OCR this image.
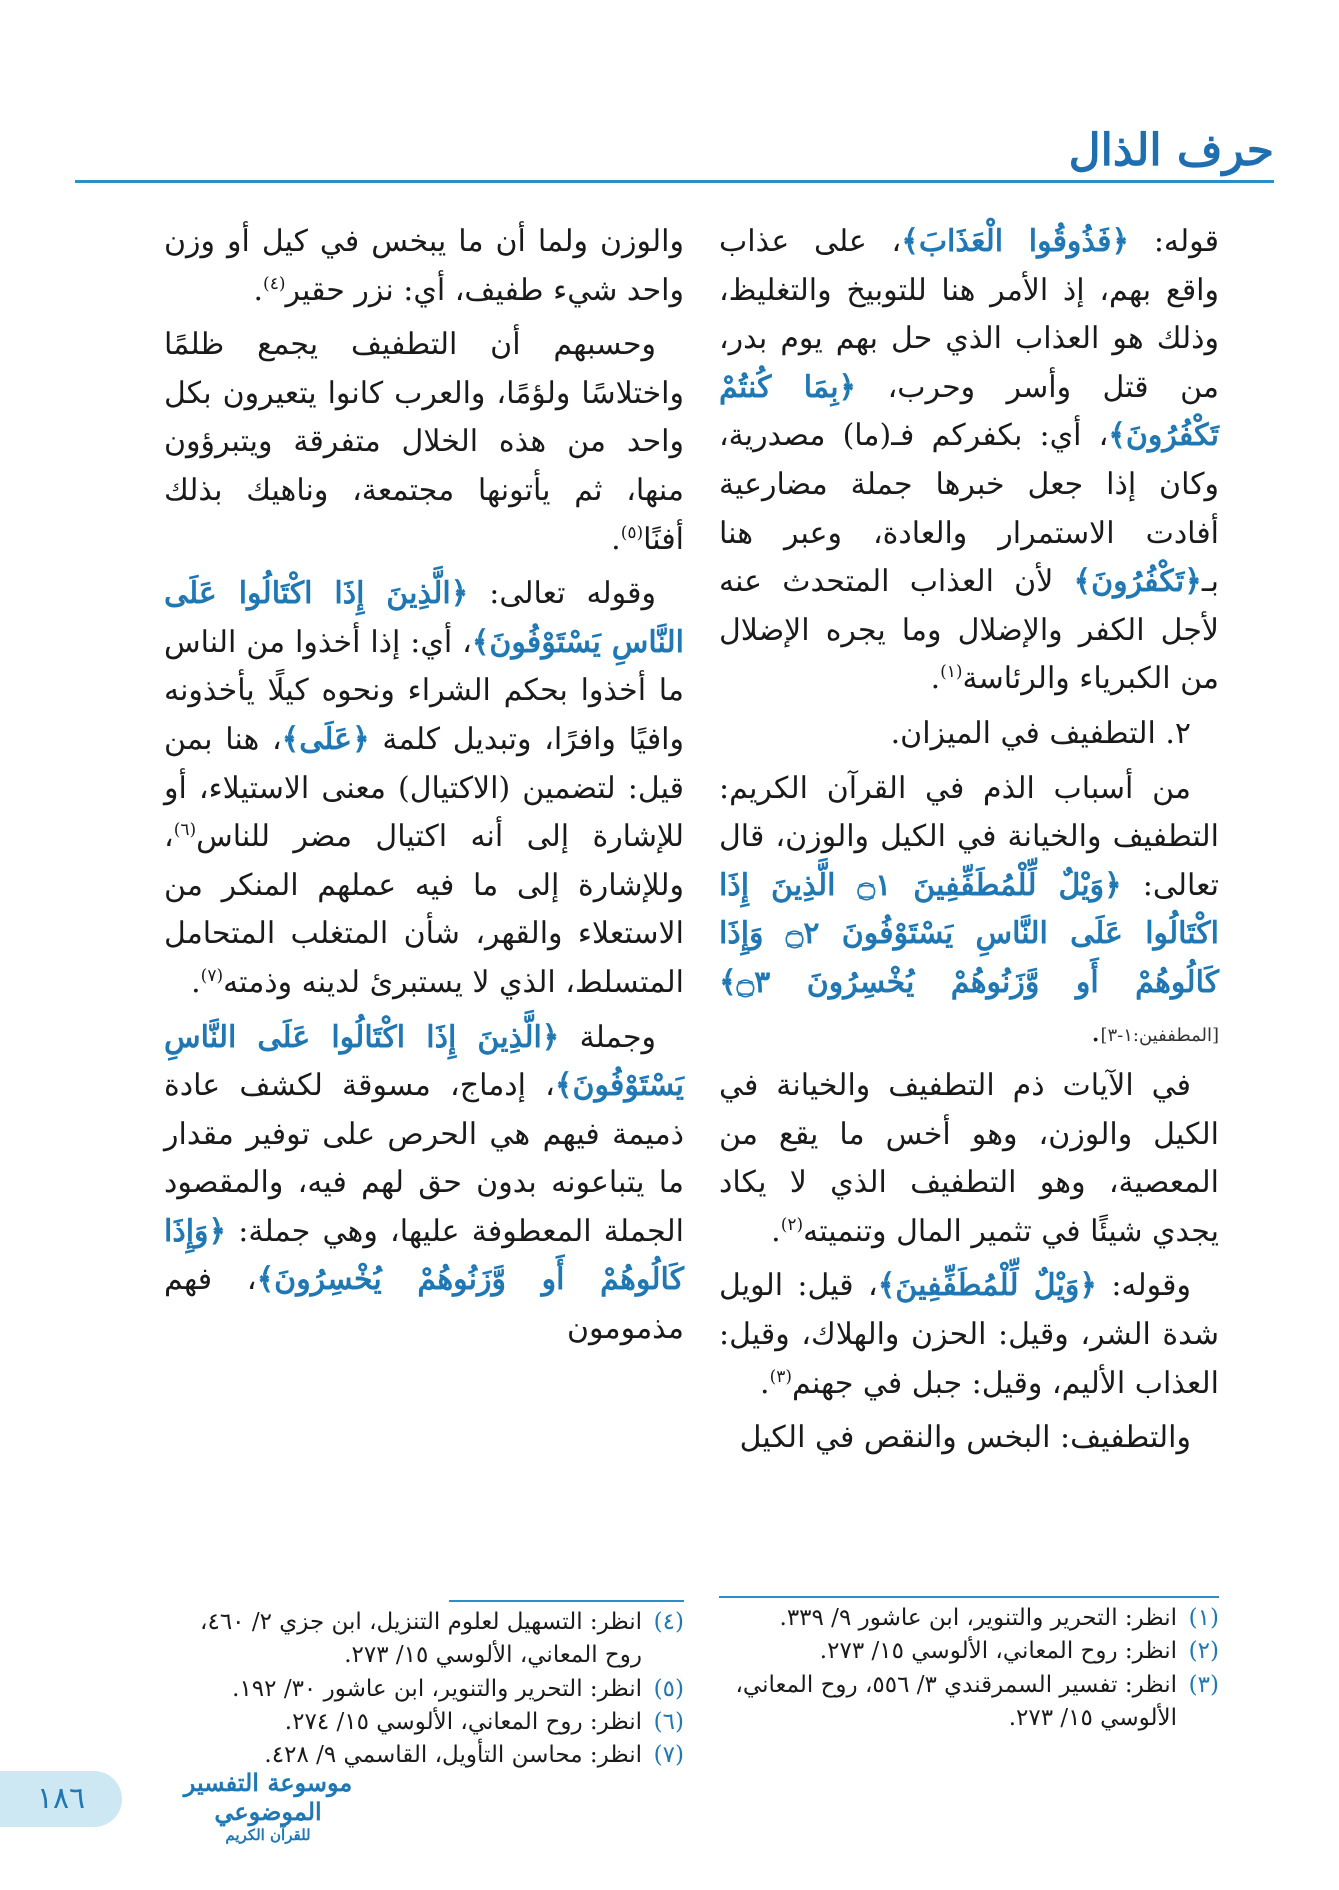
حرف الذال

قوله: ﴿فَذُوقُوا الْعَذَابَ﴾، على عذاب واقع بهم، إذ الأمر هنا للتوبيخ والتغليظ، وذلك هو العذاب الذي حل بهم يوم بدر، من قتل وأسر وحرب، ﴿بِمَا كُنتُمْ تَكْفُرُونَ﴾، أي: بكفركم فـ(ما) مصدرية، وكان إذا جعل خبرها جملة مضارعية أفادت الاستمرار والعادة، وعبر هنا بـ﴿تَكْفُرُونَ﴾ لأن العذاب المتحدث عنه لأجل الكفر والإضلال وما يجره الإضلال من الكبرياء والرئاسة$^{(١)}$.

٢. التطفيف في الميزان.

من أسباب الذم في القرآن الكريم: التطفيف والخيانة في الكيل والوزن، قال تعالى: ﴿وَيْلٌ لِّلْمُطَفِّفِينَ ۝١ الَّذِينَ إِذَا اكْتَالُوا عَلَى النَّاسِ يَسْتَوْفُونَ ۝٢ وَإِذَا كَالُوهُمْ أَو وَّزَنُوهُمْ يُخْسِرُونَ ۝٣﴾[المطففين:١-٣].

في الآيات ذم التطفيف والخيانة في الكيل والوزن، وهو أخس ما يقع من المعصية، وهو التطفيف الذي لا يكاد يجدي شيئًا في تثمير المال وتنميته$^{(٢)}$.

وقوله: ﴿وَيْلٌ لِّلْمُطَفِّفِينَ﴾، قيل: الويل شدة الشر، وقيل: الحزن والهلاك، وقيل: العذاب الأليم، وقيل: جبل في جهنم$^{(٣)}$.

والتطفيف: البخس والنقص في الكيل

والوزن ولما أن ما يبخس في كيل أو وزن واحد شيء طفيف، أي: نزر حقير$^{(٤)}$.

وحسبهم أن التطفيف يجمع ظلمًا واختلاسًا ولؤمًا، والعرب كانوا يتعيرون بكل واحد من هذه الخلال متفرقة ويتبرؤون منها، ثم يأتونها مجتمعة، وناهيك بذلك أفنًا$^{(٥)}$.

وقوله تعالى: ﴿الَّذِينَ إِذَا اكْتَالُوا عَلَى النَّاسِ يَسْتَوْفُونَ﴾، أي: إذا أخذوا من الناس ما أخذوا بحكم الشراء ونحوه كيلًا يأخذونه وافيًا وافرًا، وتبديل كلمة ﴿عَلَى﴾، هنا بمن قيل: لتضمين (الاكتيال) معنى الاستيلاء، أو للإشارة إلى أنه اكتيال مضر للناس$^{(٦)}$، وللإشارة إلى ما فيه عملهم المنكر من الاستعلاء والقهر، شأن المتغلب المتحامل المتسلط، الذي لا يستبرئ لدينه وذمته$^{(٧)}$.

وجملة ﴿الَّذِينَ إِذَا اكْتَالُوا عَلَى النَّاسِ يَسْتَوْفُونَ﴾، إدماج، مسوقة لكشف عادة ذميمة فيهم هي الحرص على توفير مقدار ما يتباعونه بدون حق لهم فيه، والمقصود الجملة المعطوفة عليها، وهي جملة: ﴿وَإِذَا كَالُوهُمْ أَو وَّزَنُوهُمْ يُخْسِرُونَ﴾، فهم مذمومون

(١)
انظر: التحرير والتنوير، ابن عاشور ٩/ ٣٣٩.
(٢)
انظر: روح المعاني، الألوسي ١٥/ ٢٧٣.
(٣)
انظر: تفسير السمرقندي ٣/ ٥٥٦، روح المعاني، الألوسي ١٥/ ٢٧٣.
(٤)
انظر: التسهيل لعلوم التنزيل، ابن جزي ٢/ ٤٦٠، روح المعاني، الألوسي ١٥/ ٢٧٣.
(٥)
انظر: التحرير والتنوير، ابن عاشور ٣٠/ ١٩٢.
(٦)
انظر: روح المعاني، الألوسي ١٥/ ٢٧٤.
(٧)
انظر: محاسن التأويل، القاسمي ٩/ ٤٢٨.
موسوعة التفسير الموضوعي
للقرآن الكريم
١٨٦
